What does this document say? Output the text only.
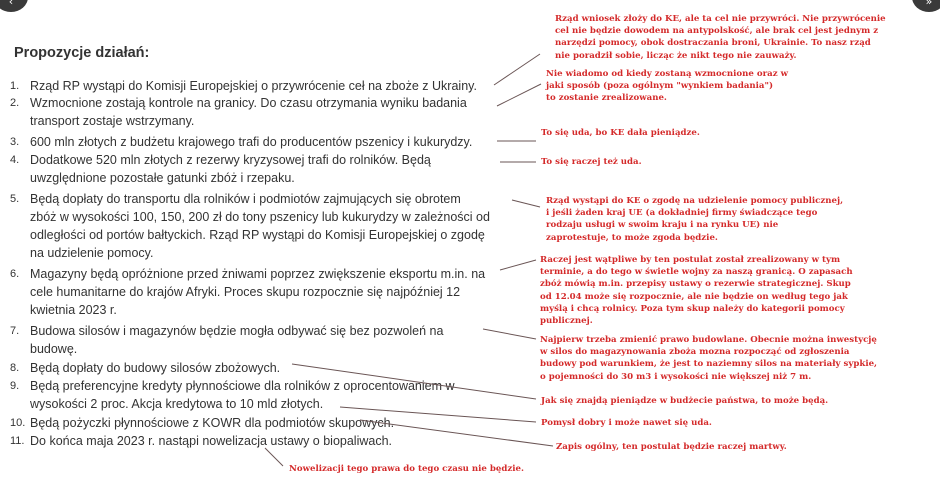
‹	»
Propozycje działań:
1. Rząd RP wystąpi do Komisji Europejskiej o przywrócenie ceł na zboże z Ukrainy.
2. Wzmocnione zostają kontrole na granicy. Do czasu otrzymania wyniku badania
transport zostaje wstrzymany.
3. 600 mln złotych z budżetu krajowego trafi do producentów pszenicy i kukurydzy.
4. Dodatkowe 520 mln złotych z rezerwy kryzysowej trafi do rolników. Będą
uwzględnione pozostałe gatunki zbóż i rzepaku.
5. Będą dopłaty do transportu dla rolników i podmiotów zajmujących się obrotem
zbóż w wysokości 100, 150, 200 zł do tony pszenicy lub kukurydzy w zależności od
odległości od portów bałtyckich. Rząd RP wystąpi do Komisji Europejskiej o zgodę
na udzielenie pomocy.
6. Magazyny będą opróżnione przed żniwami poprzez zwiększenie eksportu m.in. na
cele humanitarne do krajów Afryki. Proces skupu rozpocznie się najpóźniej 12
kwietnia 2023 r.
7. Budowa silosów i magazynów będzie mogła odbywać się bez pozwoleń na
budowę.
8. Będą dopłaty do budowy silosów zbożowych.
9. Będą preferencyjne kredyty płynnościowe dla rolników z oprocentowaniem w
wysokości 2 proc. Akcja kredytowa to 10 mld złotych.
10. Będą pożyczki płynnościowe z KOWR dla podmiotów skupowych.
11. Do końca maja 2023 r. nastąpi nowelizacja ustawy o biopaliwach.
Rząd wniosek złoży do KE, ale ta cel nie przywróci. Nie przywrócenie
cel nie będzie dowodem na antypolskość, ale brak cel jest jednym z
narzędzi pomocy, obok dostraczania broni, Ukrainie. To nasz rząd
nie poradził sobie, licząc że nikt tego nie zauważy.
Nie wiadomo od kiedy zostaną wzmocnione oraz w
jaki sposób (poza ogólnym "wynkiem badania")
to zostanie zrealizowane.
To się uda, bo KE dała pieniądze.
To się raczej też uda.
Rząd wystąpi do KE o zgodę na udzielenie pomocy publicznej,
i jeśli żaden kraj UE (a dokładniej firmy świadczące tego
rodzaju usługi w swoim kraju i na rynku UE) nie
zaprotestuje, to może zgoda będzie.
Raczej jest wątpliwe by ten postulat został zrealizowany w tym
terminie, a do tego w świetle wojny za naszą granicą. O zapasach
zbóż mówią m.in. przepisy ustawy o rezerwie strategicznej. Skup
od 12.04 może się rozpocznie, ale nie będzie on według tego jak
myślą i chcą rolnicy. Poza tym skup należy do kategorii pomocy
publicznej.
Najpierw trzeba zmienić prawo budowlane. Obecnie można inwestycję
w silos do magazynowania zboża mozna rozpocząć od zgłoszenia
budowy pod warunkiem, że jest to naziemny silos na materiały sypkie,
o pojemności do 30 m3 i wysokości nie większej niż 7 m.
Jak się znajdą pieniądze w budżecie państwa, to może będą.
Pomysł dobry i może nawet się uda.
Zapis ogólny, ten postulat będzie raczej martwy.
Nowelizacji tego prawa do tego czasu nie będzie.
